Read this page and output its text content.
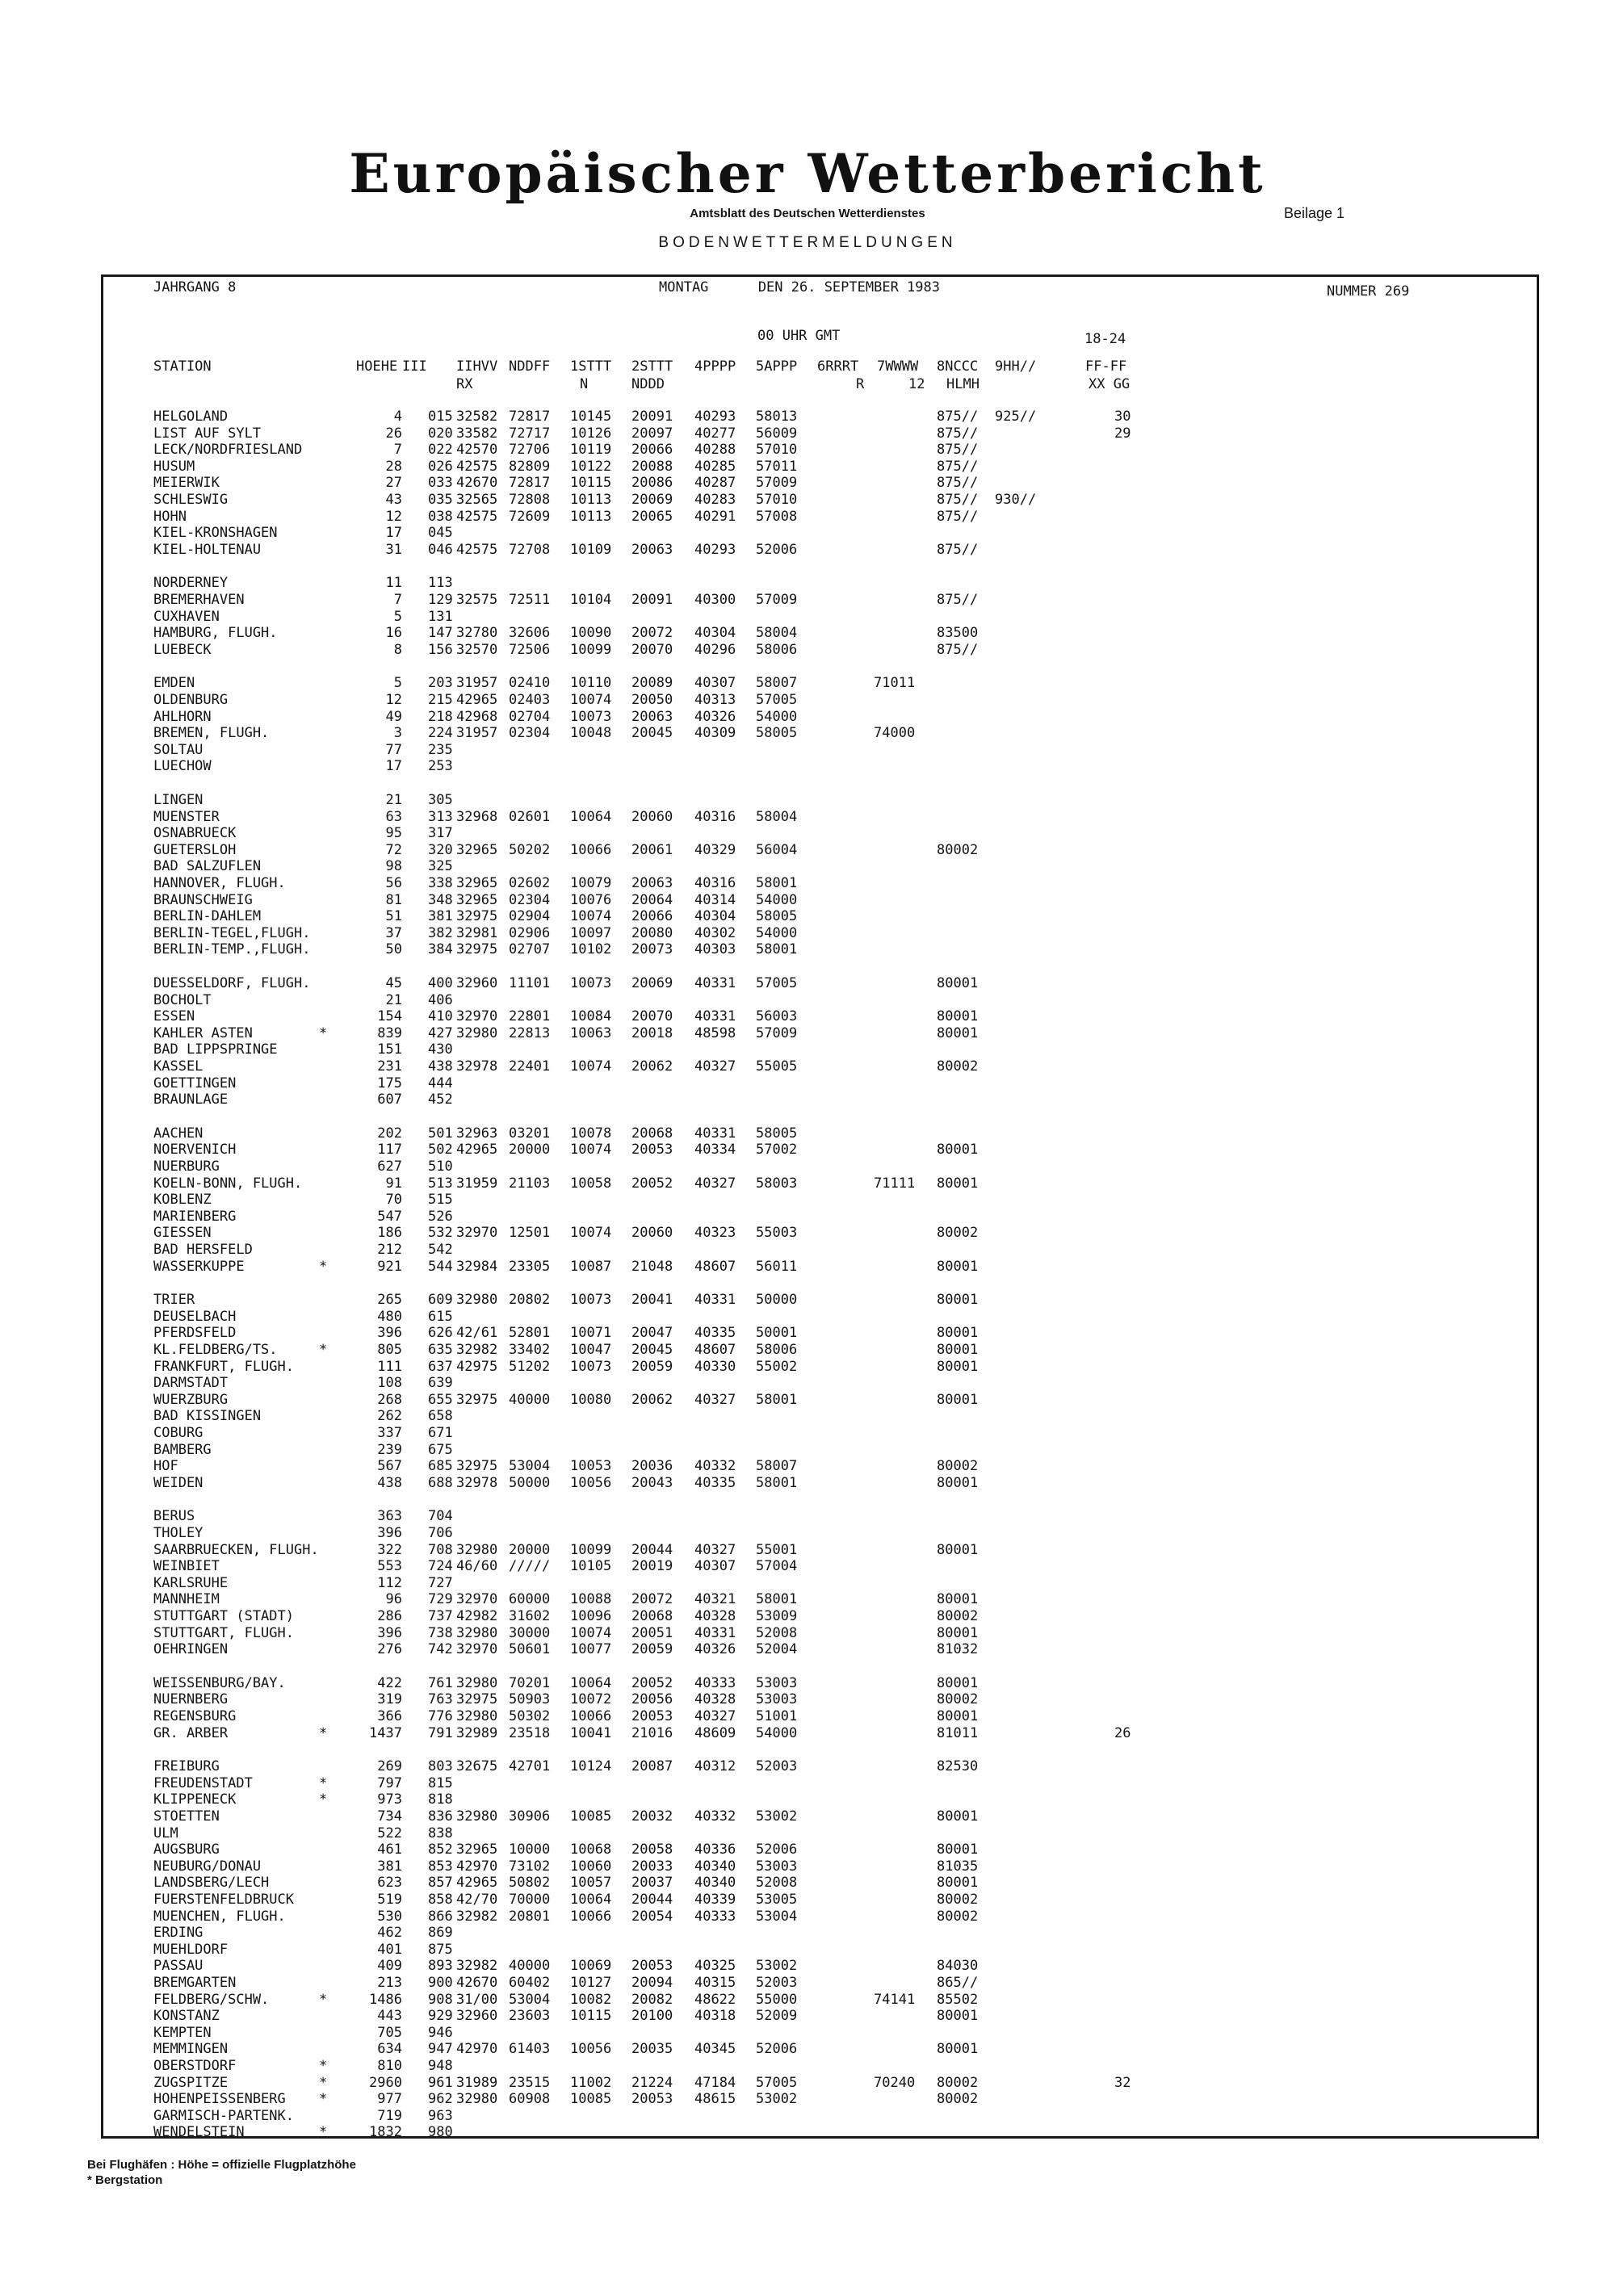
Europäischer Wetterbericht
Amtsblatt des Deutschen Wetterdienstes	Beilage 1
BODENWETTERMELDUNGEN
JAHRGANG 8	MONTAG      DEN 26. SEPTEMBER 1983	NUMMER 269
00 UHR GMT	18-24
STATION	HOEHE III IIHVV NDDFF 1STTT 2STTT 4PPPP 5APPP 6RRRT 7WWWW 8NCCC 9HH//	FF-FF
RX	N	NDDD	R	12 HLMH	XX GG
HELGOLAND	4 015 32582 72817 10145 20091 40293 58013	875// 925//	30
LIST AUF SYLT	26 020 33582 72717 10126 20097 40277 56009	875//	29
LECK/NORDFRIESLAND	7 022 42570 72706 10119 20066 40288 57010	875//
HUSUM	28 026 42575 82809 10122 20088 40285 57011	875//
MEIERWIK	27 033 42670 72817 10115 20086 40287 57009	875//
SCHLESWIG	43 035 32565 72808 10113 20069 40283 57010	875// 930//
HOHN	12 038 42575 72609 10113 20065 40291 57008	875//
KIEL-KRONSHAGEN	17 045
KIEL-HOLTENAU	31 046 42575 72708 10109 20063 40293 52006	875//
NORDERNEY	11 113
BREMERHAVEN	7 129 32575 72511 10104 20091 40300 57009	875//
CUXHAVEN	5 131
HAMBURG, FLUGH.	16 147 32780 32606 10090 20072 40304 58004	83500
LUEBECK	8 156 32570 72506 10099 20070 40296 58006	875//
EMDEN	5 203 31957 02410 10110 20089 40307 58007	71011
OLDENBURG	12 215 42965 02403 10074 20050 40313 57005
AHLHORN	49 218 42968 02704 10073 20063 40326 54000
BREMEN, FLUGH.	3 224 31957 02304 10048 20045 40309 58005	74000
SOLTAU	77 235
LUECHOW	17 253
LINGEN	21 305
MUENSTER	63 313 32968 02601 10064 20060 40316 58004
OSNABRUECK	95 317
GUETERSLOH	72 320 32965 50202 10066 20061 40329 56004	80002
BAD SALZUFLEN	98 325
HANNOVER, FLUGH.	56 338 32965 02602 10079 20063 40316 58001
BRAUNSCHWEIG	81 348 32965 02304 10076 20064 40314 54000
BERLIN-DAHLEM	51 381 32975 02904 10074 20066 40304 58005
BERLIN-TEGEL,FLUGH.	37 382 32981 02906 10097 20080 40302 54000
BERLIN-TEMP.,FLUGH.	50 384 32975 02707 10102 20073 40303 58001
DUESSELDORF, FLUGH.	45 400 32960 11101 10073 20069 40331 57005	80001
BOCHOLT	21 406
ESSEN	154 410 32970 22801 10084 20070 40331 56003	80001
KAHLER ASTEN	*	839 427 32980 22813 10063 20018 48598 57009	80001
BAD LIPPSPRINGE	151 430
KASSEL	231 438 32978 22401 10074 20062 40327 55005	80002
GOETTINGEN	175 444
BRAUNLAGE	607 452
AACHEN	202 501 32963 03201 10078 20068 40331 58005
NOERVENICH	117 502 42965 20000 10074 20053 40334 57002	80001
NUERBURG	627 510
KOELN-BONN, FLUGH.	91 513 31959 21103 10058 20052 40327 58003	71111 80001
KOBLENZ	70 515
MARIENBERG	547 526
GIESSEN	186 532 32970 12501 10074 20060 40323 55003	80002
BAD HERSFELD	212 542
WASSERKUPPE	*	921 544 32984 23305 10087 21048 48607 56011	80001
TRIER	265 609 32980 20802 10073 20041 40331 50000	80001
DEUSELBACH	480 615
PFERDSFELD	396 626 42/61 52801 10071 20047 40335 50001	80001
KL.FELDBERG/TS.	*	805 635 32982 33402 10047 20045 48607 58006	80001
FRANKFURT, FLUGH.	111 637 42975 51202 10073 20059 40330 55002	80001
DARMSTADT	108 639
WUERZBURG	268 655 32975 40000 10080 20062 40327 58001	80001
BAD KISSINGEN	262 658
COBURG	337 671
BAMBERG	239 675
HOF	567 685 32975 53004 10053 20036 40332 58007	80002
WEIDEN	438 688 32978 50000 10056 20043 40335 58001	80001
BERUS	363 704
THOLEY	396 706
SAARBRUECKEN, FLUGH.	322 708 32980 20000 10099 20044 40327 55001	80001
WEINBIET	553 724 46/60 ///// 10105 20019 40307 57004
KARLSRUHE	112 727
MANNHEIM	96 729 32970 60000 10088 20072 40321 58001	80001
STUTTGART (STADT)	286 737 42982 31602 10096 20068 40328 53009	80002
STUTTGART, FLUGH.	396 738 32980 30000 10074 20051 40331 52008	80001
OEHRINGEN	276 742 32970 50601 10077 20059 40326 52004	81032
WEISSENBURG/BAY.	422 761 32980 70201 10064 20052 40333 53003	80001
NUERNBERG	319 763 32975 50903 10072 20056 40328 53003	80002
REGENSBURG	366 776 32980 50302 10066 20053 40327 51001	80001
GR. ARBER	*	1437 791 32989 23518 10041 21016 48609 54000	81011	26
FREIBURG	269 803 32675 42701 10124 20087 40312 52003	82530
FREUDENSTADT	*	797 815
KLIPPENECK	*	973 818
STOETTEN	734 836 32980 30906 10085 20032 40332 53002	80001
ULM	522 838
AUGSBURG	461 852 32965 10000 10068 20058 40336 52006	80001
NEUBURG/DONAU	381 853 42970 73102 10060 20033 40340 53003	81035
LANDSBERG/LECH	623 857 42965 50802 10057 20037 40340 52008	80001
FUERSTENFELDBRUCK	519 858 42/70 70000 10064 20044 40339 53005	80002
MUENCHEN, FLUGH.	530 866 32982 20801 10066 20054 40333 53004	80002
ERDING	462 869
MUEHLDORF	401 875
PASSAU	409 893 32982 40000 10069 20053 40325 53002	84030
BREMGARTEN	213 900 42670 60402 10127 20094 40315 52003	865//
FELDBERG/SCHW.	*	1486 908 31/00 53004 10082 20082 48622 55000	74141 85502
KONSTANZ	443 929 32960 23603 10115 20100 40318 52009	80001
KEMPTEN	705 946
MEMMINGEN	634 947 42970 61403 10056 20035 40345 52006	80001
OBERSTDORF	*	810 948
ZUGSPITZE	*	2960 961 31989 23515 11002 21224 47184 57005	70240 80002	32
HOHENPEISSENBERG *	977 962 32980 60908 10085 20053 48615 53002	80002
GARMISCH-PARTENK.	719 963
WENDELSTEIN	*	1832 980
Bei Flughäfen : Höhe = offizielle Flugplatzhöhe
* Bergstation
